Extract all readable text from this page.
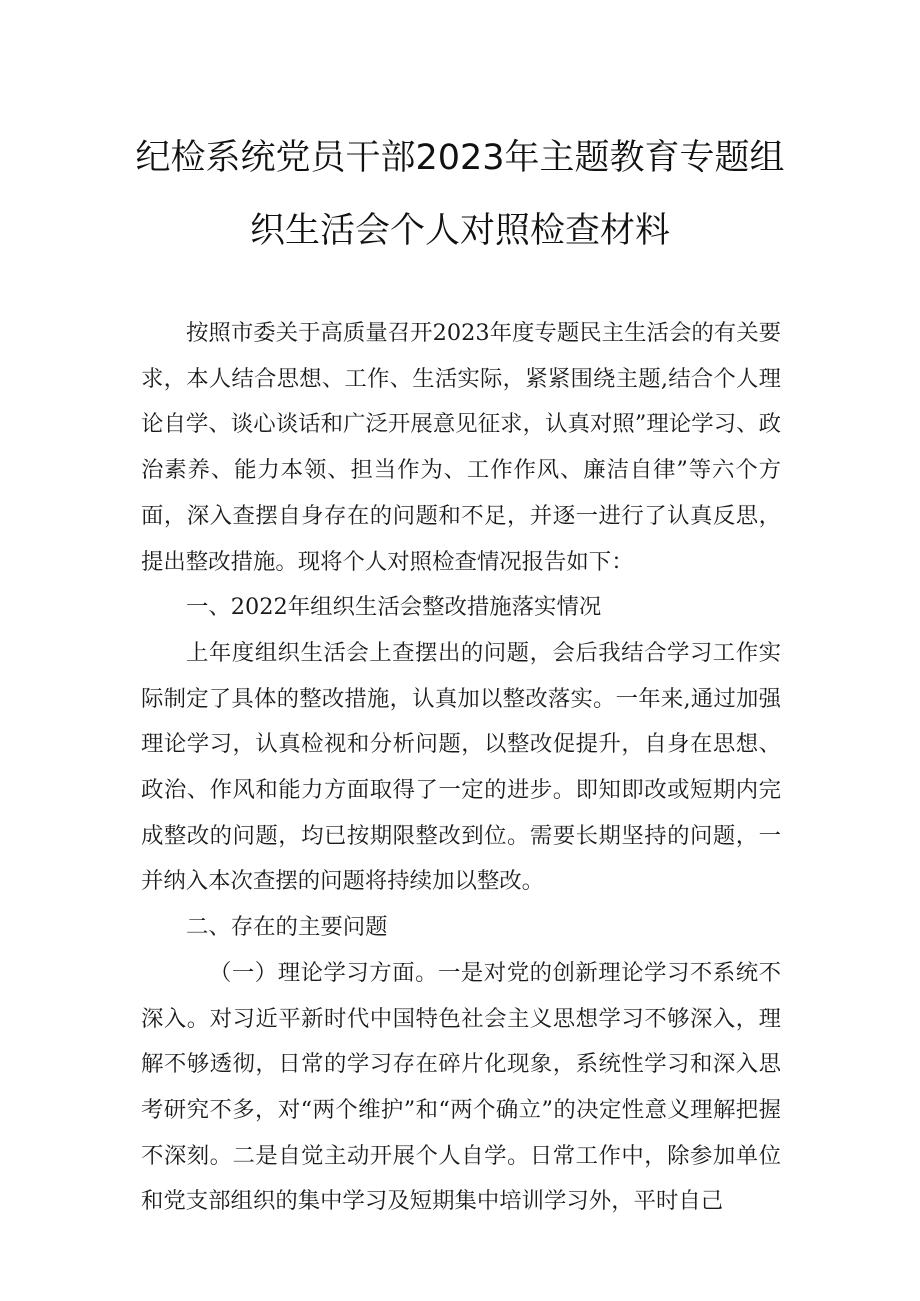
纪检系统党员干部2023年主题教育专题组
织生活会个人对照检查材料

按照市委关于高质量召开2023年度专题民主生活会的有关要求，本人结合思想、工作、生活实际，紧紧围绕主题,结合个人理论自学、谈心谈话和广泛开展意见征求，认真对照”理论学习、政治素养、能力本领、担当作为、工作作风、廉洁自律”等六个方面，深入查摆自身存在的问题和不足，并逐一进行了认真反思，提出整改措施。现将个人对照检查情况报告如下：

一、2022年组织生活会整改措施落实情况

上年度组织生活会上查摆出的问题，会后我结合学习工作实际制定了具体的整改措施，认真加以整改落实。一年来,通过加强理论学习，认真检视和分析问题，以整改促提升，自身在思想、政治、作风和能力方面取得了一定的进步。即知即改或短期内完成整改的问题，均已按期限整改到位。需要长期坚持的问题，一并纳入本次查摆的问题将持续加以整改。

二、存在的主要问题

（一）理论学习方面。一是对党的创新理论学习不系统不深入。对习近平新时代中国特色社会主义思想学习不够深入，理解不够透彻，日常的学习存在碎片化现象，系统性学习和深入思考研究不多，对“两个维护”和“两个确立”的决定性意义理解把握不深刻。二是自觉主动开展个人自学。日常工作中，除参加单位和党支部组织的集中学习及短期集中培训学习外，平时自己
